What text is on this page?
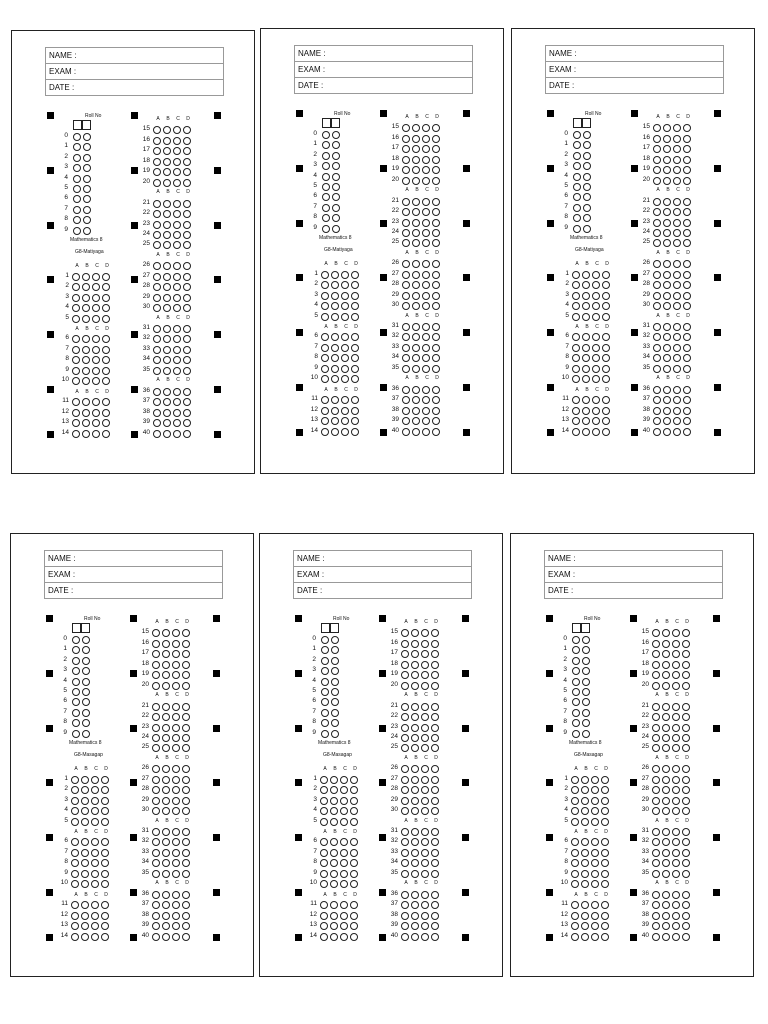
NAME :
EXAM :
DATE :
Roll No
0
1
2
3
4
5
6
7
8
9
Mathematics 8
G8-Matiyaga
A B C D
A B C D
A B C D
1
2
3
4
5
6
7
8
9
10
11
12
13
14
A B C D
15
16
17
18
19
20
A B C D
21
22
23
24
25
A B C D
26
27
28
29
30
A B C D
31
32
33
34
35
A B C D
36
37
38
39
40
NAME :
EXAM :
DATE :
Roll No
0
1
2
3
4
5
6
7
8
9
Mathematics 8
G8-Matiyaga
A B C D
A B C D
A B C D
1
2
3
4
5
6
7
8
9
10
11
12
13
14
A B C D
15
16
17
18
19
20
A B C D
21
22
23
24
25
A B C D
26
27
28
29
30
A B C D
31
32
33
34
35
A B C D
36
37
38
39
40
NAME :
EXAM :
DATE :
Roll No
0
1
2
3
4
5
6
7
8
9
Mathematics 8
G8-Matiyaga
A B C D
A B C D
A B C D
1
2
3
4
5
6
7
8
9
10
11
12
13
14
A B C D
15
16
17
18
19
20
A B C D
21
22
23
24
25
A B C D
26
27
28
29
30
A B C D
31
32
33
34
35
A B C D
36
37
38
39
40
NAME :
EXAM :
DATE :
Roll No
0
1
2
3
4
5
6
7
8
9
Mathematics 8
G8-Masagap
A B C D
A B C D
A B C D
1
2
3
4
5
6
7
8
9
10
11
12
13
14
A B C D
15
16
17
18
19
20
A B C D
21
22
23
24
25
A B C D
26
27
28
29
30
A B C D
31
32
33
34
35
A B C D
36
37
38
39
40
NAME :
EXAM :
DATE :
Roll No
0
1
2
3
4
5
6
7
8
9
Mathematics 8
G8-Masagap
A B C D
A B C D
A B C D
1
2
3
4
5
6
7
8
9
10
11
12
13
14
A B C D
15
16
17
18
19
20
A B C D
21
22
23
24
25
A B C D
26
27
28
29
30
A B C D
31
32
33
34
35
A B C D
36
37
38
39
40
NAME :
EXAM :
DATE :
Roll No
0
1
2
3
4
5
6
7
8
9
Mathematics 8
G8-Masagap
A B C D
A B C D
A B C D
1
2
3
4
5
6
7
8
9
10
11
12
13
14
A B C D
15
16
17
18
19
20
A B C D
21
22
23
24
25
A B C D
26
27
28
29
30
A B C D
31
32
33
34
35
A B C D
36
37
38
39
40
